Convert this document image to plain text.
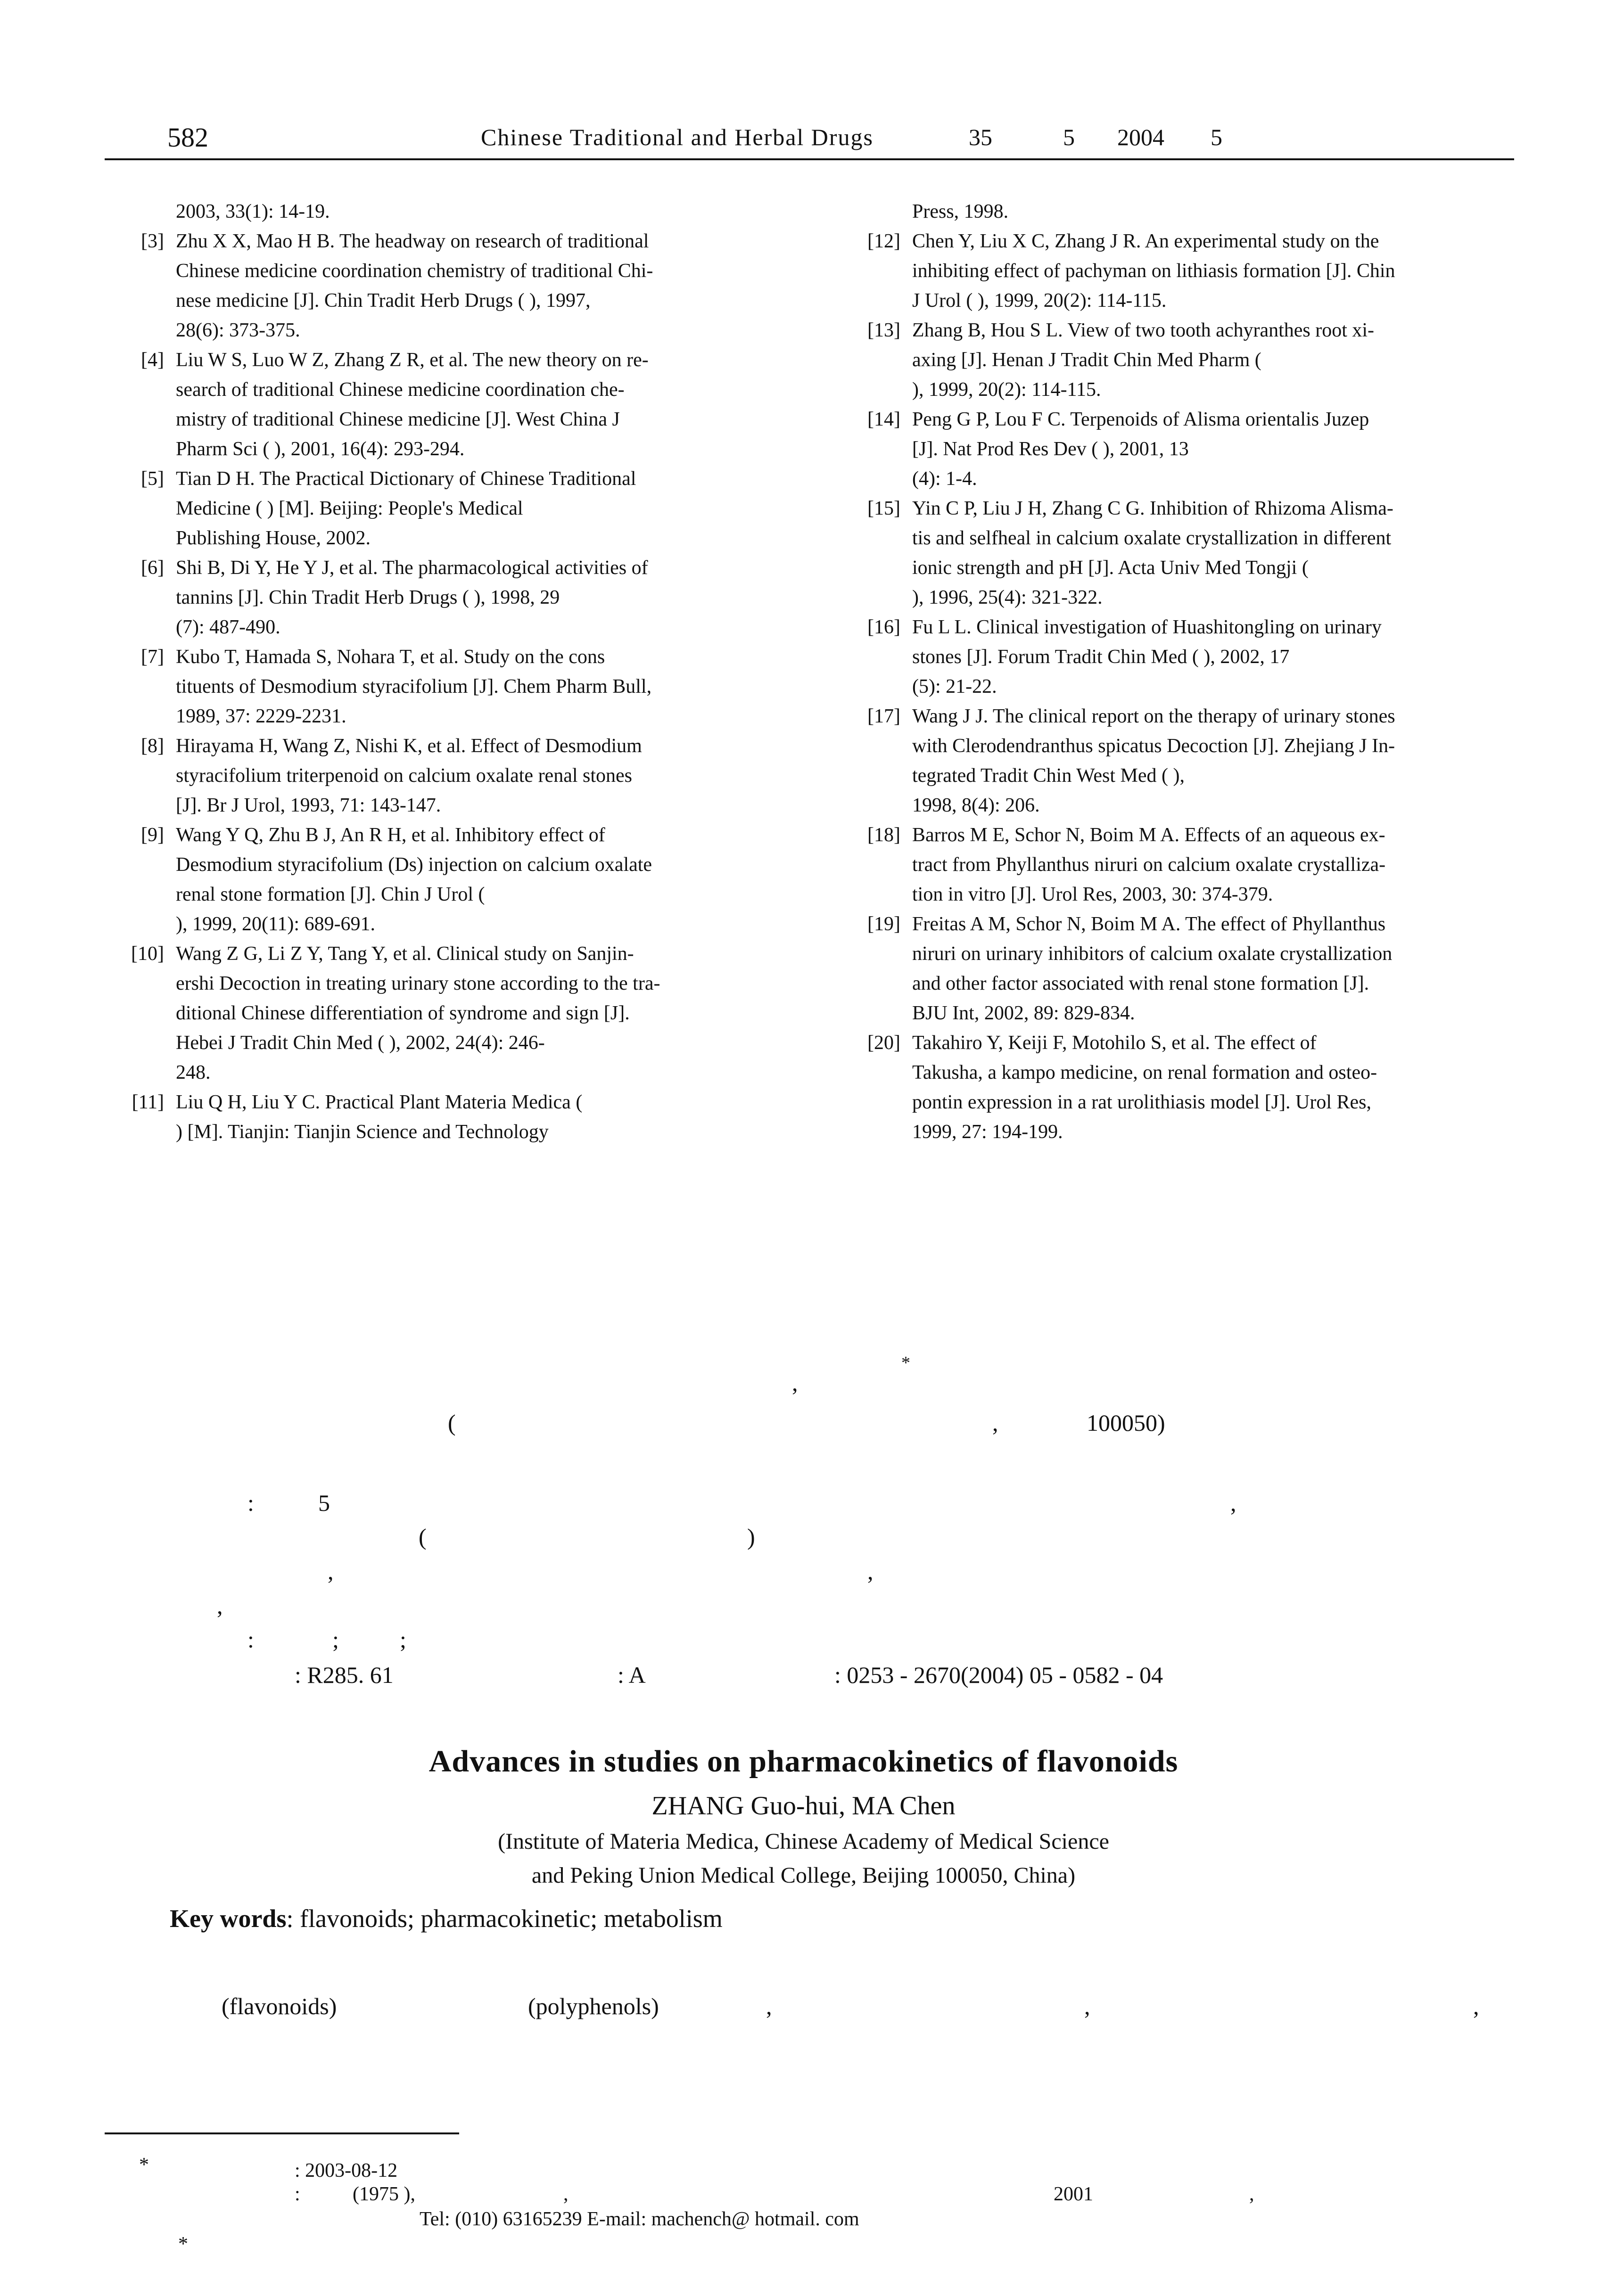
582	Chinese Traditional and Herbal Drugs	35	5 2004 5
2003, 33(1): 14-19.
[3] Zhu X X, Mao H B. The headway on research of traditional
Chinese medicine coordination chemistry of traditional Chi-
nese medicine [J]. Chin Tradit Herb Drugs ( ), 1997,
28(6): 373-375.
[4] Liu W S, Luo W Z, Zhang Z R, et al. The new theory on re-
search of traditional Chinese medicine coordination che-
mistry of traditional Chinese medicine [J]. West China J
Pharm Sci ( ), 2001, 16(4): 293-294.
[5] Tian D H. The Practical Dictionary of Chinese Traditional
Medicine ( ) [M]. Beijing: People's Medical
Publishing House, 2002.
[6] Shi B, Di Y, He Y J, et al. The pharmacological activities of
tannins [J]. Chin Tradit Herb Drugs ( ), 1998, 29
(7): 487-490.
[7] Kubo T, Hamada S, Nohara T, et al. Study on the cons
tituents of Desmodium styracifolium [J]. Chem Pharm Bull,
1989, 37: 2229-2231.
[8] Hirayama H, Wang Z, Nishi K, et al. Effect of Desmodium
styracifolium triterpenoid on calcium oxalate renal stones
[J]. Br J Urol, 1993, 71: 143-147.
[9] Wang Y Q, Zhu B J, An R H, et al. Inhibitory effect of
Desmodium styracifolium (Ds) injection on calcium oxalate
renal stone formation [J]. Chin J Urol (
), 1999, 20(11): 689-691.
[10] Wang Z G, Li Z Y, Tang Y, et al. Clinical study on Sanjin-
ershi Decoction in treating urinary stone according to the tra-
ditional Chinese differentiation of syndrome and sign [J].
Hebei J Tradit Chin Med ( ), 2002, 24(4): 246-
248.
[11] Liu Q H, Liu Y C. Practical Plant Materia Medica (
) [M]. Tianjin: Tianjin Science and Technology
Press, 1998.
[12] Chen Y, Liu X C, Zhang J R. An experimental study on the
inhibiting effect of pachyman on lithiasis formation [J]. Chin
J Urol ( ), 1999, 20(2): 114-115.
[13] Zhang B, Hou S L. View of two tooth achyranthes root xi-
axing [J]. Henan J Tradit Chin Med Pharm (
), 1999, 20(2): 114-115.
[14] Peng G P, Lou F C. Terpenoids of Alisma orientalis Juzep
[J]. Nat Prod Res Dev ( ), 2001, 13
(4): 1-4.
[15] Yin C P, Liu J H, Zhang C G. Inhibition of Rhizoma Alisma-
tis and selfheal in calcium oxalate crystallization in different
ionic strength and pH [J]. Acta Univ Med Tongji (
), 1996, 25(4): 321-322.
[16] Fu L L. Clinical investigation of Huashitongling on urinary
stones [J]. Forum Tradit Chin Med ( ), 2002, 17
(5): 21-22.
[17] Wang J J. The clinical report on the therapy of urinary stones
with Clerodendranthus spicatus Decoction [J]. Zhejiang J In-
tegrated Tradit Chin West Med ( ),
1998, 8(4): 206.
[18] Barros M E, Schor N, Boim M A. Effects of an aqueous ex-
tract from Phyllanthus niruri on calcium oxalate crystalliza-
tion in vitro [J]. Urol Res, 2003, 30: 374-379.
[19] Freitas A M, Schor N, Boim M A. The effect of Phyllanthus
niruri on urinary inhibitors of calcium oxalate crystallization
and other factor associated with renal stone formation [J].
BJU Int, 2002, 89: 829-834.
[20] Takahiro Y, Keiji F, Motohilo S, et al. The effect of
Takusha, a kampo medicine, on renal formation and osteo-
pontin expression in a rat urolithiasis model [J]. Urol Res,
1999, 27: 194-199.
*
,
(	,	100050)
:	5	,
(	)
,	,
,
:	;	;
: R285. 61	: A	: 0253 - 2670(2004) 05 - 0582 - 04
Advances in studies on pharmacokinetics of flavonoids
ZHANG Guo-hui, MA Chen
(Institute of Materia Medica, Chinese Academy of Medical Science
and Peking Union Medical College, Beijing 100050, China)
Key words: flavonoids; pharmacokinetic; metabolism
(flavonoids)	(polyphenols)	,	,	,
*	: 2003-08-12
:	(1975 ),	,	2001	,
Tel: (010) 63165239 E-mail: machench@ hotmail. com
*
